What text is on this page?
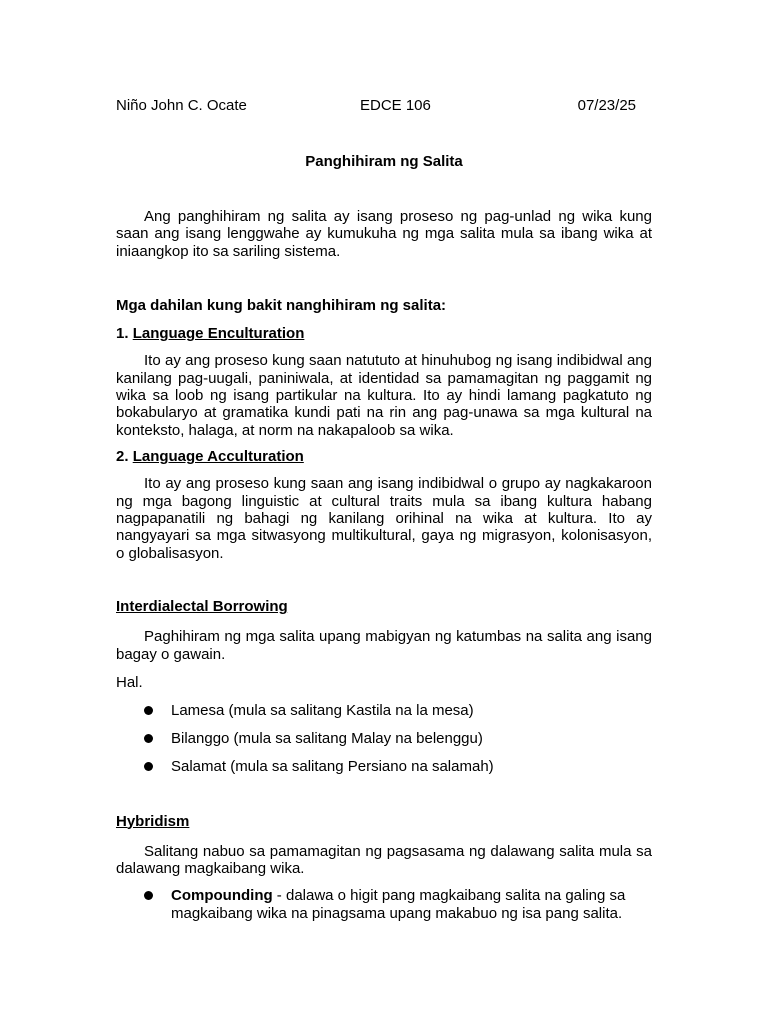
Niño John C. Ocate	EDCE 106	07/23/25
Panghihiram ng Salita

Ang panghihiram ng salita ay isang proseso ng pag-unlad ng wika kung saan ang isang lenggwahe ay kumukuha ng mga salita mula sa ibang wika at iniaangkop ito sa sariling sistema.

Mga dahilan kung bakit nanghihiram ng salita:

1. Language Enculturation

Ito ay ang proseso kung saan natututo at hinuhubog ng isang indibidwal ang kanilang pag-uugali, paniniwala, at identidad sa pamamagitan ng paggamit ng wika sa loob ng isang partikular na kultura. Ito ay hindi lamang pagkatuto ng bokabularyo at gramatika kundi pati na rin ang pag-unawa sa mga kultural na konteksto, halaga, at norm na nakapaloob sa wika.

2. Language Acculturation

Ito ay ang proseso kung saan ang isang indibidwal o grupo ay nagkakaroon ng mga bagong linguistic at cultural traits mula sa ibang kultura habang nagpapanatili ng bahagi ng kanilang orihinal na wika at kultura. Ito ay nangyayari sa mga sitwasyong multikultural, gaya ng migrasyon, kolonisasyon, o globalisasyon.

Interdialectal Borrowing

Paghihiram ng mga salita upang mabigyan ng katumbas na salita ang isang bagay o gawain.

Hal.

Lamesa (mula sa salitang Kastila na la mesa)
Bilanggo (mula sa salitang Malay na belenggu)
Salamat (mula sa salitang Persiano na salamah)

Hybridism

Salitang nabuo sa pamamagitan ng pagsasama ng dalawang salita mula sa dalawang magkaibang wika.

Compounding - dalawa o higit pang magkaibang salita na galing sa magkaibang wika na pinagsama upang makabuo ng isa pang salita.
